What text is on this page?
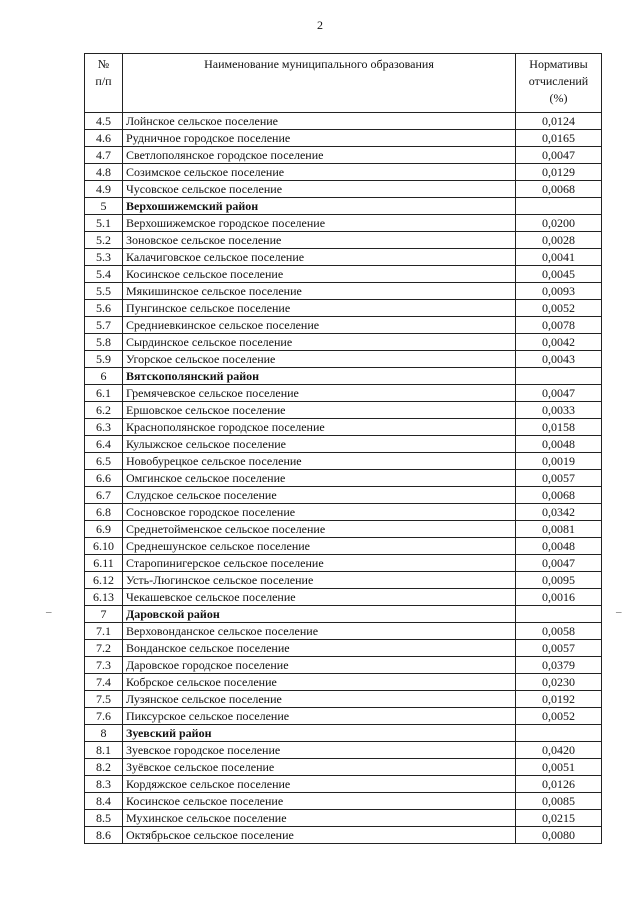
2
№
п/п	Наименование муниципального образования	Нормативы
отчислений
(%)

4.5	Лойнское сельское поселение	0,0124
4.6	Рудничное городское поселение	0,0165
4.7	Светлополянское городское поселение	0,0047
4.8	Созимское сельское поселение	0,0129
4.9	Чусовское сельское поселение	0,0068
5	Верхошижемский район	
5.1	Верхошижемское городское поселение	0,0200
5.2	Зоновское сельское поселение	0,0028
5.3	Калачиговское сельское поселение	0,0041
5.4	Косинское сельское поселение	0,0045
5.5	Мякишинское сельское поселение	0,0093
5.6	Пунгинское сельское поселение	0,0052
5.7	Средниевкинское сельское поселение	0,0078
5.8	Сырдинское сельское поселение	0,0042
5.9	Угорское сельское поселение	0,0043
6	Вятскополянский район	
6.1	Гремячевское сельское поселение	0,0047
6.2	Ершовское сельское поселение	0,0033
6.3	Краснополянское городское поселение	0,0158
6.4	Кулыжское сельское поселение	0,0048
6.5	Новобурецкое сельское поселение	0,0019
6.6	Омгинское сельское поселение	0,0057
6.7	Слудское сельское поселение	0,0068
6.8	Сосновское городское поселение	0,0342
6.9	Среднетойменское сельское поселение	0,0081
6.10	Среднешунское сельское поселение	0,0048
6.11	Старопинигерское сельское поселение	0,0047
6.12	Усть-Люгинское сельское поселение	0,0095
6.13	Чекашевское сельское поселение	0,0016
7	Даровской район	
7.1	Верховонданское сельское поселение	0,0058
7.2	Вонданское сельское поселение	0,0057
7.3	Даровское городское поселение	0,0379
7.4	Кобрское сельское поселение	0,0230
7.5	Лузянское сельское поселение	0,0192
7.6	Пиксурское сельское поселение	0,0052
8	Зуевский район	
8.1	Зуевское городское поселение	0,0420
8.2	Зуёвское сельское поселение	0,0051
8.3	Кордяжское сельское поселение	0,0126
8.4	Косинское сельское поселение	0,0085
8.5	Мухинское сельское поселение	0,0215
8.6	Октябрьское сельское поселение	0,0080
–	–
